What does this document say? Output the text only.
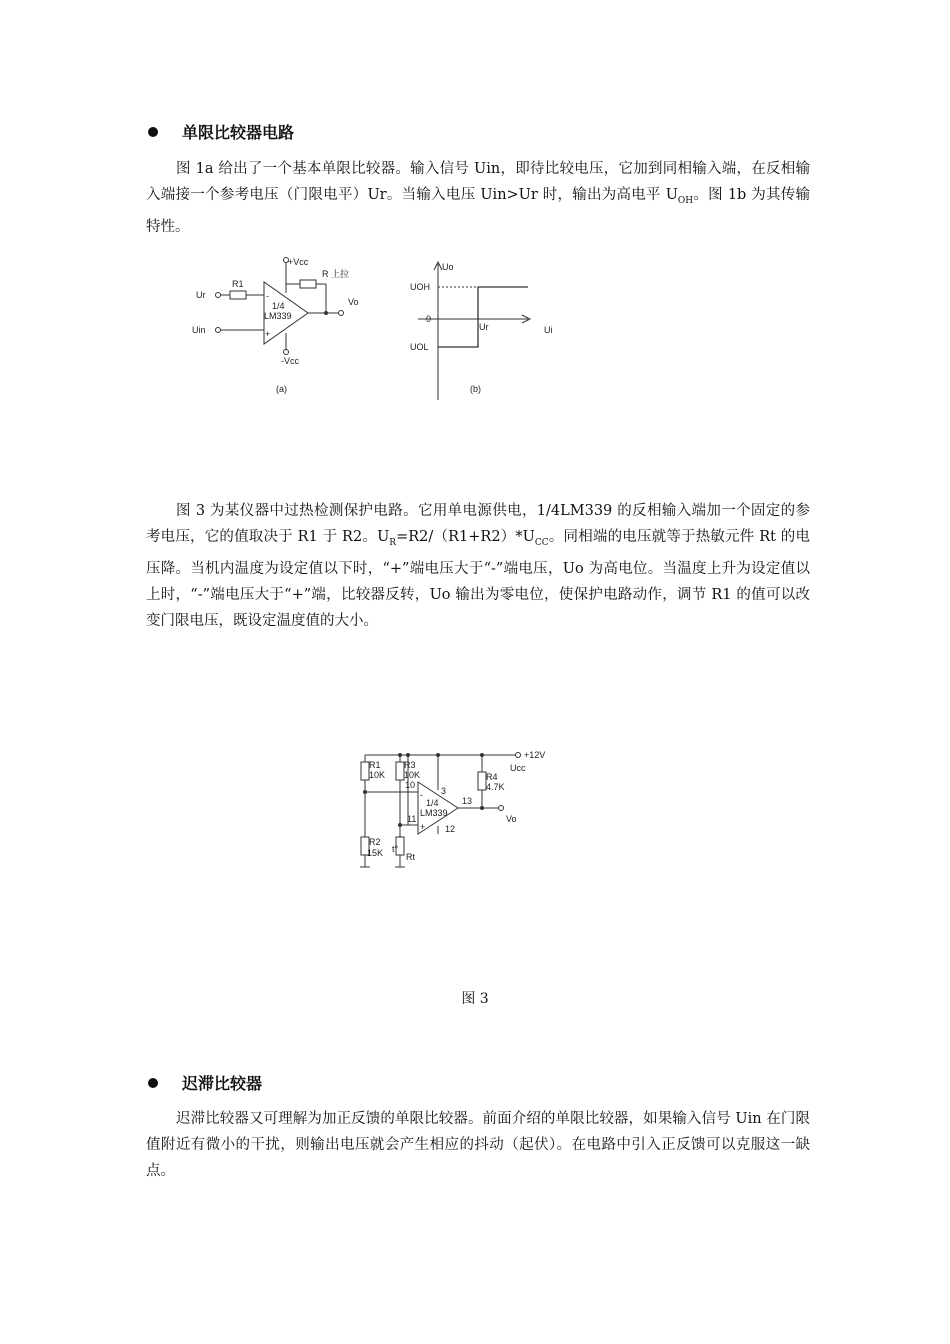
单限比较器电路

图 1a 给出了一个基本单限比较器。输入信号 Uin，即待比较电压，它加到同相输入端，在反相输入端接一个参考电压（门限电平）Ur。当输入电压 Uin>Ur 时，输出为高电平 $U_{OH}$。图 1b 为其传输特性。

+Vcc
-Vcc
R1
R 上拉
Ur
Uin
1/4
LM339
-
+
Vo
(a)
Uo
UOH
0
UOL
Ur	Ui
(b)

图 3 为某仪器中过热检测保护电路。它用单电源供电，1/4LM339 的反相输入端加一个固定的参考电压，它的值取决于 R1 于 R2。$U_R=R2/(R1+R2)*U_{CC}$。同相端的电压就等于热敏元件 Rt 的电压降。当机内温度为设定值以下时，“+”端电压大于“-”端电压，Uo 为高电位。当温度上升为设定值以上时，“-”端电压大于“+”端，比较器反转，Uo 输出为零电位，使保护电路动作，调节 R1 的值可以改变门限电压，既设定温度值的大小。

R1
10K
R3
10K
R2
15K t°
Rt
R4
4.7K
+12V
Ucc
1/4
LM339
10
11
3
12
13
-
+
Vo
图 3
迟滞比较器

迟滞比较器又可理解为加正反馈的单限比较器。前面介绍的单限比较器，如果输入信号 Uin 在门限值附近有微小的干扰，则输出电压就会产生相应的抖动（起伏）。在电路中引入正反馈可以克服这一缺点。
